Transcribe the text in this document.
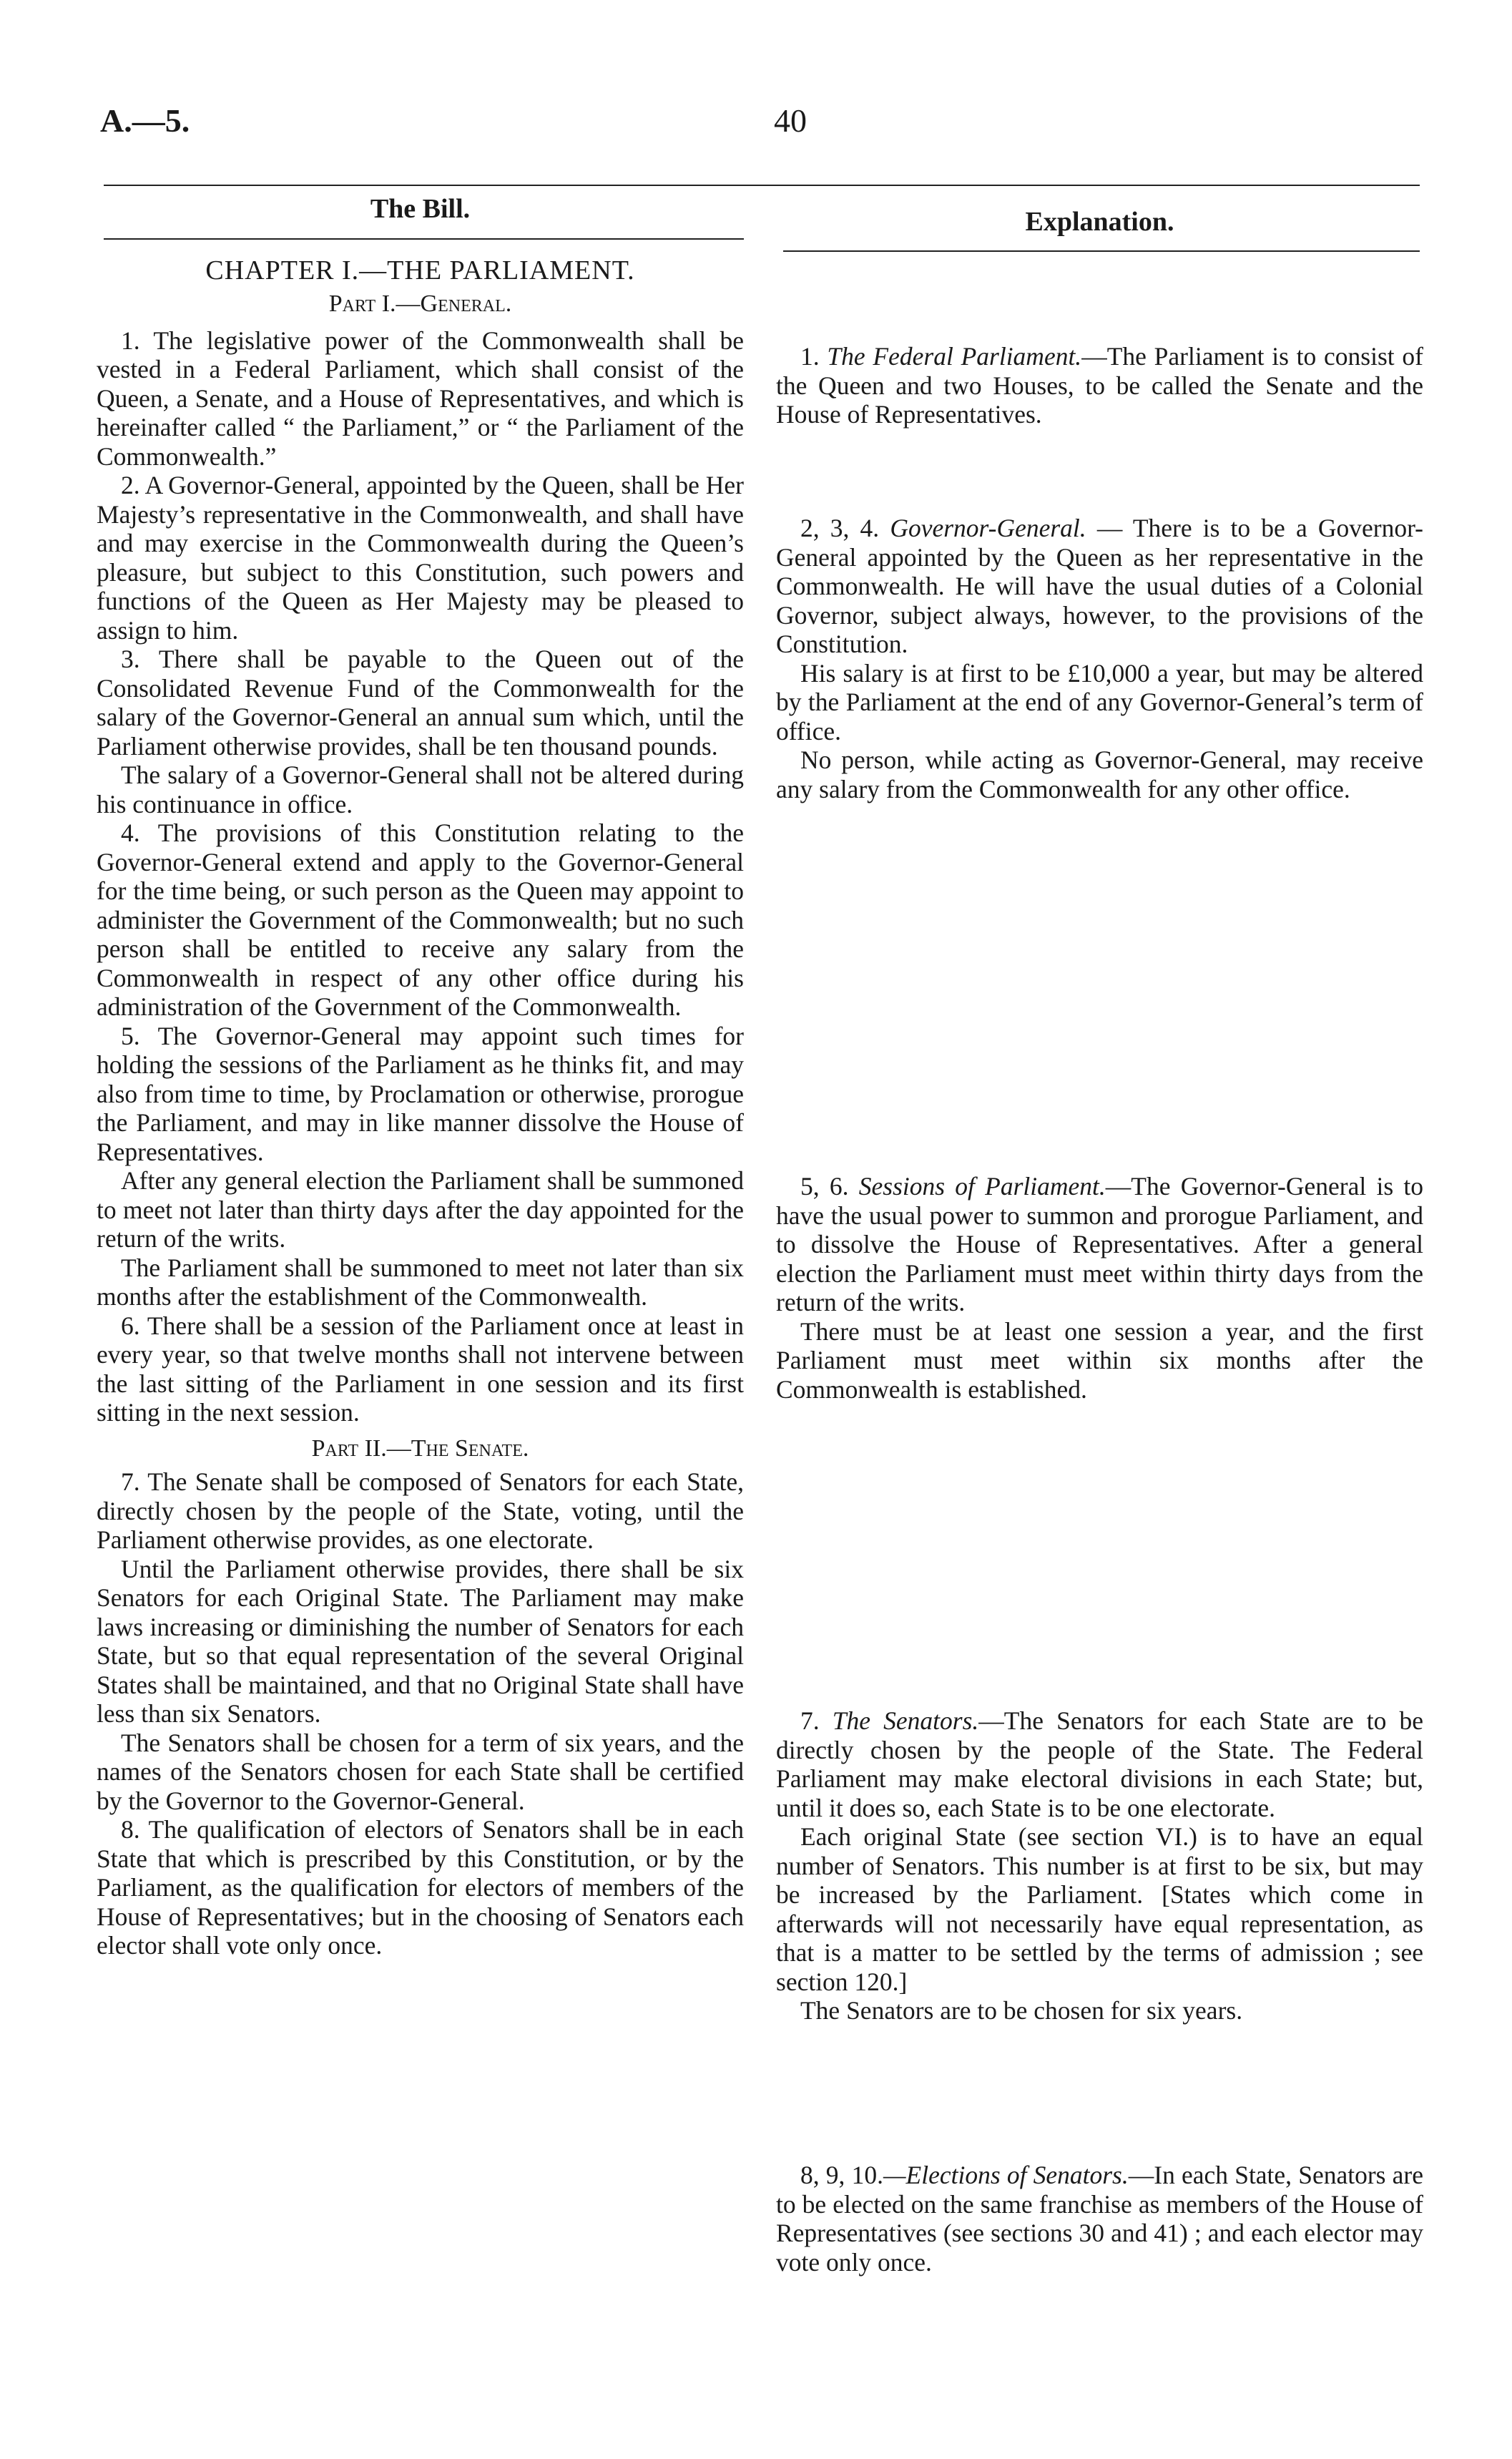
A.—5.	40
The Bill.	Explanation.
CHAPTER I.—THE PARLIAMENT.
Part I.—General.

1. The legislative power of the Commonwealth shall be vested in a Federal Parliament, which shall consist of the Queen, a Senate, and a House of Representatives, and which is hereinafter called “ the Parliament,” or “ the Parliament of the Commonwealth.”

2. A Governor-General, appointed by the Queen, shall be Her Majesty’s representative in the Commonwealth, and shall have and may exercise in the Commonwealth during the Queen’s pleasure, but subject to this Constitution, such powers and functions of the Queen as Her Majesty may be pleased to assign to him.

3. There shall be payable to the Queen out of the Consolidated Revenue Fund of the Commonwealth for the salary of the Governor-General an annual sum which, until the Parliament otherwise provides, shall be ten thousand pounds.

The salary of a Governor-General shall not be altered during his continuance in office.

4. The provisions of this Constitution relating to the Governor-General extend and apply to the Governor-General for the time being, or such person as the Queen may appoint to administer the Government of the Commonwealth; but no such person shall be entitled to receive any salary from the Commonwealth in respect of any other office during his administration of the Government of the Commonwealth.

5. The Governor-General may appoint such times for holding the sessions of the Parliament as he thinks fit, and may also from time to time, by Proclamation or otherwise, prorogue the Parliament, and may in like manner dissolve the House of Representatives.

After any general election the Parliament shall be summoned to meet not later than thirty days after the day appointed for the return of the writs.

The Parliament shall be summoned to meet not later than six months after the establishment of the Commonwealth.

6. There shall be a session of the Parliament once at least in every year, so that twelve months shall not intervene between the last sitting of the Parliament in one session and its first sitting in the next session.

Part II.—The Senate.

7. The Senate shall be composed of Senators for each State, directly chosen by the people of the State, voting, until the Parliament otherwise provides, as one electorate.

Until the Parliament otherwise provides, there shall be six Senators for each Original State. The Parliament may make laws increasing or diminishing the number of Senators for each State, but so that equal representation of the several Original States shall be maintained, and that no Original State shall have less than six Senators.

The Senators shall be chosen for a term of six years, and the names of the Senators chosen for each State shall be certified by the Governor to the Governor-General.

8. The qualification of electors of Senators shall be in each State that which is prescribed by this Constitution, or by the Parliament, as the qualification for electors of members of the House of Representatives; but in the choosing of Senators each elector shall vote only once.

1. The Federal Parliament.—The Parliament is to consist of the Queen and two Houses, to be called the Senate and the House of Representatives.

2, 3, 4. Governor-General. — There is to be a Governor-General appointed by the Queen as her representative in the Commonwealth. He will have the usual duties of a Colonial Governor, subject always, however, to the provisions of the Constitution.

His salary is at first to be £10,000 a year, but may be altered by the Parliament at the end of any Governor-General’s term of office.

No person, while acting as Governor-General, may receive any salary from the Commonwealth for any other office.

5, 6. Sessions of Parliament.—The Governor-General is to have the usual power to summon and prorogue Parliament, and to dissolve the House of Representatives. After a general election the Parliament must meet within thirty days from the return of the writs.

There must be at least one session a year, and the first Parliament must meet within six months after the Commonwealth is established.

7. The Senators.—The Senators for each State are to be directly chosen by the people of the State. The Federal Parliament may make electoral divisions in each State; but, until it does so, each State is to be one electorate.

Each original State (see section VI.) is to have an equal number of Senators. This number is at first to be six, but may be increased by the Parliament. [States which come in afterwards will not necessarily have equal representation, as that is a matter to be settled by the terms of admission ; see section 120.]

The Senators are to be chosen for six years.

8, 9, 10.—Elections of Senators.—In each State, Senators are to be elected on the same franchise as members of the House of Representatives (see sections 30 and 41) ; and each elector may vote only once.
